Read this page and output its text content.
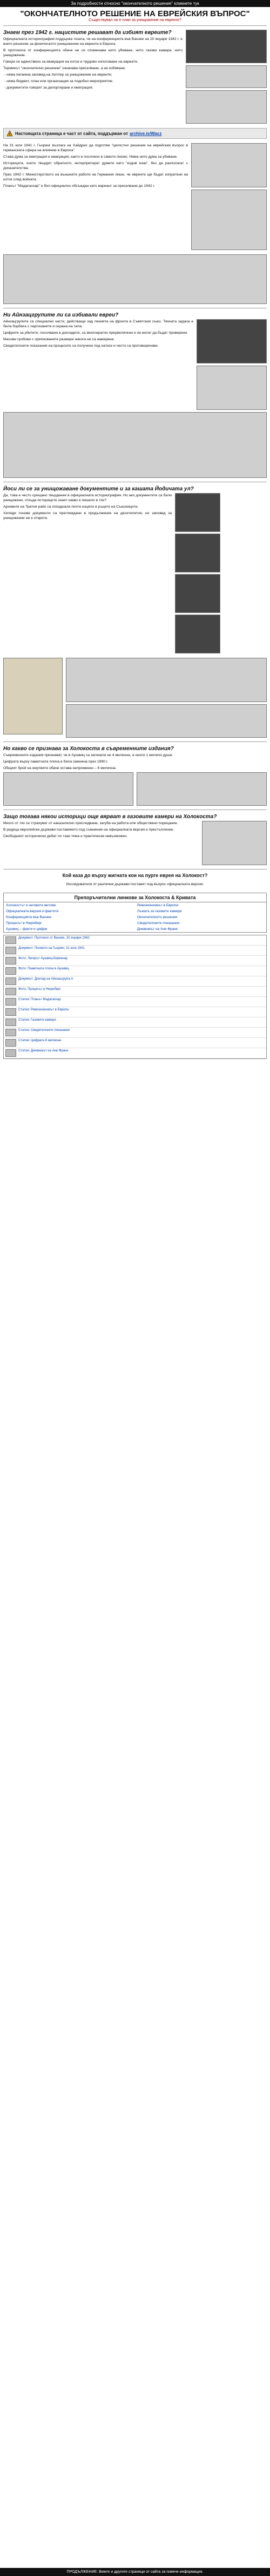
За подробности относно "окончателното решение" кликнете тук
"ОКОНЧАТЕЛНОТО РЕШЕНИЕ НА ЕВРЕЙСКИЯ ВЪПРОС"
Съществувал ли е план за унищожение на евреите?
Знаем през 1942 г. нацистите решават да избият евреите?
Официалната историография поддържа тезата, че на конференцията във Ванзее на 20 януари 1942 г. е взето решение за физическото унищожение на евреите в Европа.
В протокола от конференцията обаче не се споменава нито убиване, нито газови камери, нито унищожение.
Говори се единствено за евакуация на изток и трудово използване на евреите.
Терминът "окончателно решение" означава преселване, а не избиване.
- няма писмена заповед на Хитлер за унищожение на евреите;
- няма бюджет, план или организация за подобно мероприятие;
- документите говорят за депортиране и емиграция.
! Настоящата страница е част от сайта, поддържан от archive.is/Wacz
На 31 юли 1941 г. Гьоринг възлага на Хайдрих да подготви "цялостно решение на еврейския въпрос в германската сфера на влияние в Европа".
Става дума за емиграция и евакуация, както е посочено в самото писмо. Няма нито дума за убиване.
Историците, които твърдят обратното, интерпретират думите като "кодов език", без да разполагат с доказателства.
През 1942 г. Министерството на външните работи на Германия пише, че евреите ще бъдат изпратени на изток след войната.
Планът "Мадагаскар" е бил официално обсъждан като вариант за преселване до 1942 г.
Ни Айнзацгрупите ли са избивали евреи?
Айнзацгрупите са специални части, действащи зад линията на фронта в Съветския съюз. Тяхната задача е била борбата с партизаните и охрана на тила.
Цифрите за убитите, посочвани в докладите, са многократно преувеличени и не могат да бъдат проверени.
Масови гробове с приписваните размери никога не са намерени.
Свидетелските показания на процесите са получени под натиск и често са противоречиви.
Йоси ли се за унищожаване документите и за кашата Йодичата ул?
Да, това е често срещано твърдение в официалната историография. Но ако документите са били унищожени, откъде историците знаят какво е пишело в тях?
Архивите на Третия райх са попаднали почти изцяло в ръцете на Съюзниците.
Хиляди тонове документи са преглеждани в продължение на десетилетия, но заповед за унищожение не е открита.
Но какво се признава за Холокоста в съвременните издания?
Съвременните издания признават, че в Аушвиц са загинали не 4 милиона, а около 1 милион души.
Цифрата върху паметната плоча е била сменена през 1990 г.
Общият брой на жертвите обаче остава непроменен – 6 милиона.
Защо тогава някои историци още вярват в газовите камери на Холокоста?
Много от тях се страхуват от наказателно преследване, загуба на работа или обществено порицание.
В редица европейски държави поставянето под съмнение на официалната версия е престъпление.
Свободният исторически дебат по тази тема е практически невъзможен.
Кой каза до върху жигната кои на пурге еврея на Холокост?
Изследователи от различни държави поставят под въпрос официалната версия.
Препоръчителни линкове за Холокоста & Кривата
Холокостът и неговите митове	Ревизионизмът в Европа
Официалната версия и фактите	Лъжата за газовите камери
Конференцията във Ванзее	Окончателното решение
Процесът в Нюрнберг	Свидетелските показания
Аушвиц – факти и цифри	Дневникът на Ане Франк
Документ: Протокол от Ванзее, 20 януари 1942
Документ: Писмото на Гьоринг, 31 юли 1941
Фото: Лагерът Аушвиц-Биркенау
Фото: Паметната плоча в Аушвиц
Документ: Доклад на Айнзацгрупа А
Фото: Процесът в Нюрнберг
Статия: Планът Мадагаскар
Статия: Ревизионизмът в Европа
Статия: Газовите камери
Статия: Свидетелските показания
Статия: Цифрата 6 милиона
Статия: Дневникът на Ане Франк
ПРОДЪЛЖЕНИЕ: Вижте и другите страници от сайта за повече информация.
